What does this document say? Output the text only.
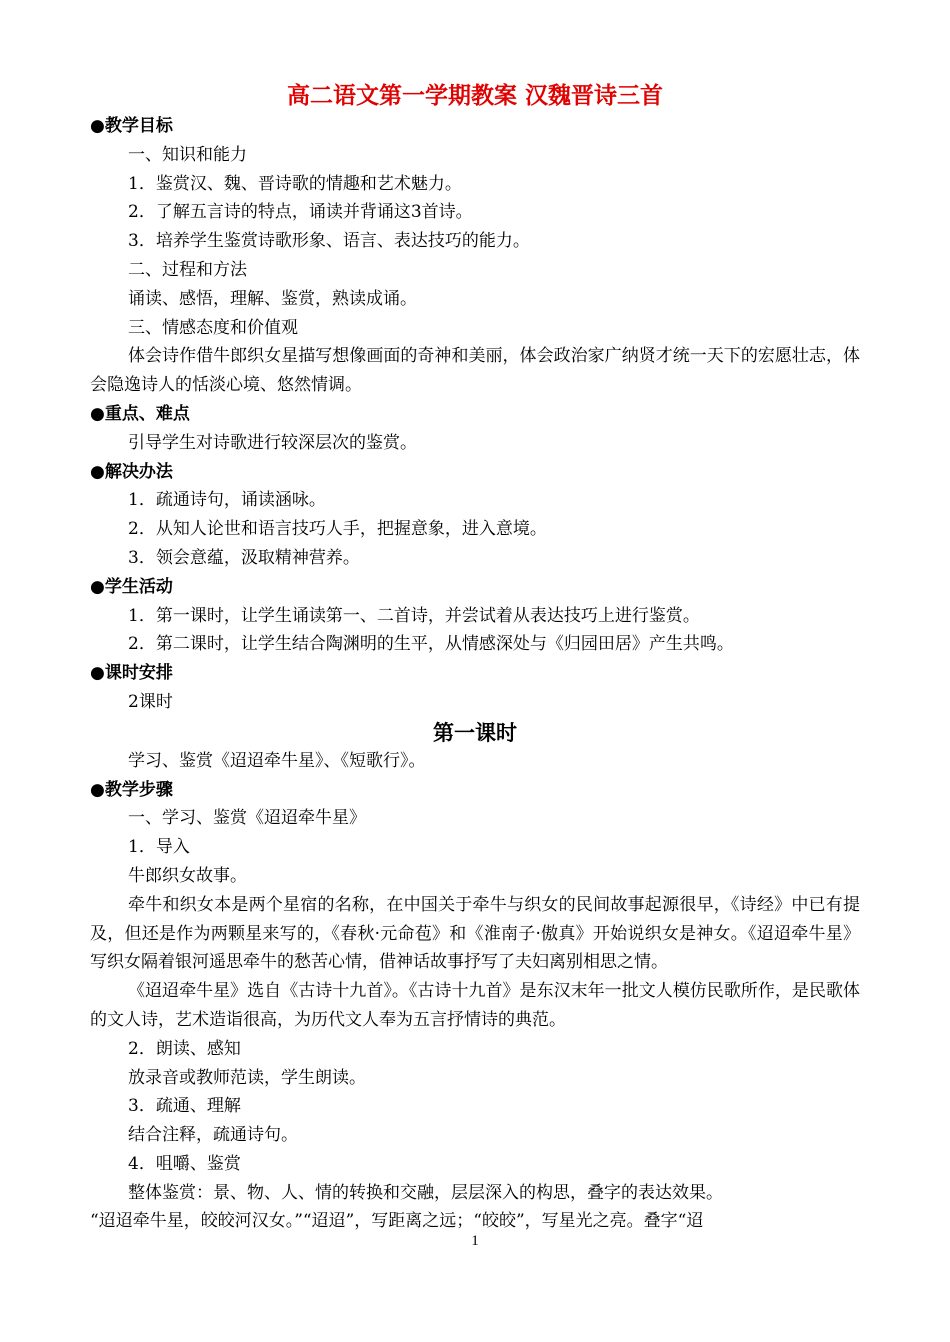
高二语文第一学期教案 汉魏晋诗三首
●教学目标
一、知识和能力
1．鉴赏汉、魏、晋诗歌的情趣和艺术魅力。
2．了解五言诗的特点，诵读并背诵这3首诗。
3．培养学生鉴赏诗歌形象、语言、表达技巧的能力。
二、过程和方法
诵读、感悟，理解、鉴赏，熟读成诵。
三、情感态度和价值观
体会诗作借牛郎织女星描写想像画面的奇神和美丽，体会政治家广纳贤才统一天下的宏愿壮志，体会隐逸诗人的恬淡心境、悠然情调。
●重点、难点
引导学生对诗歌进行较深层次的鉴赏。
●解决办法
1．疏通诗句，诵读涵咏。
2．从知人论世和语言技巧人手，把握意象，进入意境。
3．领会意蕴，汲取精神营养。
●学生活动
1．第一课时，让学生诵读第一、二首诗，并尝试着从表达技巧上进行鉴赏。
2．第二课时，让学生结合陶渊明的生平，从情感深处与《归园田居》产生共鸣。
●课时安排
2课时
第一课时
学习、鉴赏《迢迢牵牛星》、《短歌行》。
●教学步骤
一、学习、鉴赏《迢迢牵牛星》
1．导入
牛郎织女故事。
牵牛和织女本是两个星宿的名称，在中国关于牵牛与织女的民间故事起源很早，《诗经》中已有提及，但还是作为两颗星来写的，《春秋·元命苞》和《淮南子·傲真》开始说织女是神女。《迢迢牵牛星》写织女隔着银河遥思牵牛的愁苦心情，借神话故事抒写了夫妇离别相思之情。
《迢迢牵牛星》选自《古诗十九首》。《古诗十九首》是东汉末年一批文人模仿民歌所作，是民歌体的文人诗，艺术造诣很高，为历代文人奉为五言抒情诗的典范。
2．朗读、感知
放录音或教师范读，学生朗读。
3．疏通、理解
结合注释，疏通诗句。
4．咀嚼、鉴赏
整体鉴赏：景、物、人、情的转换和交融，层层深入的构思，叠字的表达效果。
“迢迢牵牛星，皎皎河汉女。”“迢迢”，写距离之远；“皎皎”，写星光之亮。叠字“迢
1
